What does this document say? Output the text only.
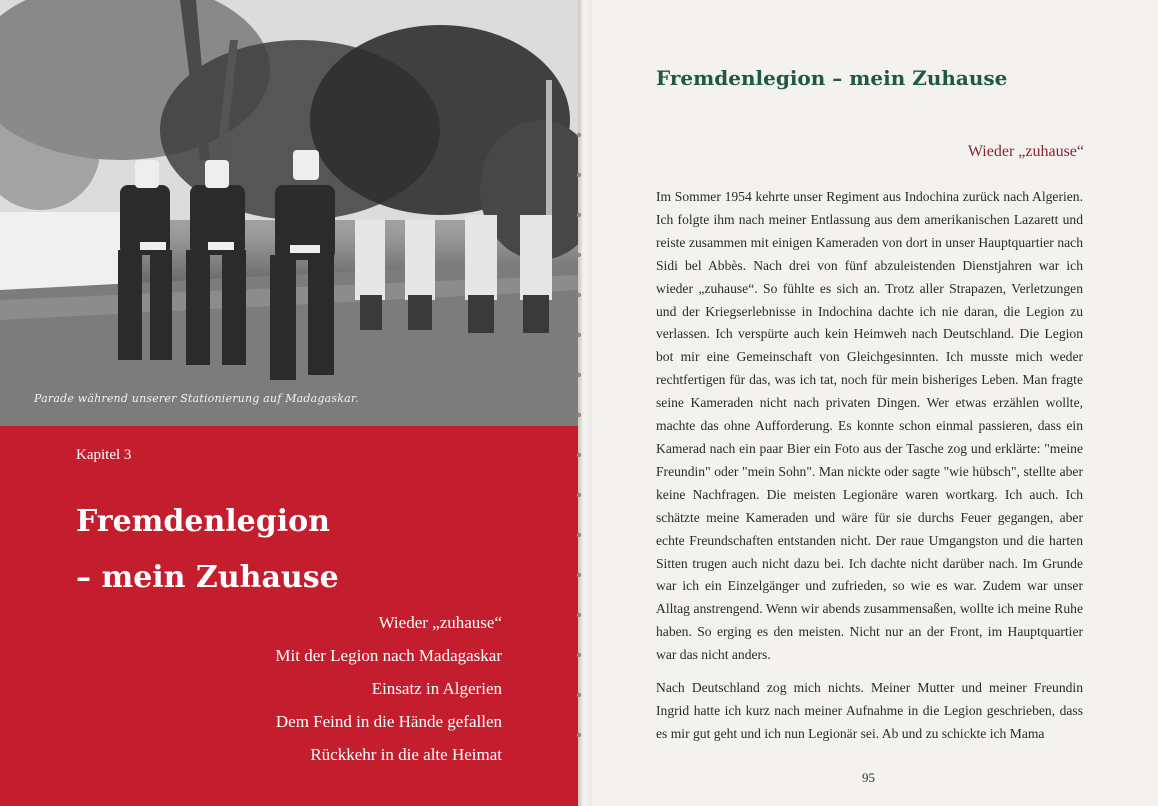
Parade während unserer Stationierung auf Madagaskar.
Kapitel 3
Fremdenlegion
– mein Zuhause
Wieder „zuhause“
Mit der Legion nach Madagaskar
Einsatz in Algerien
Dem Feind in die Hände gefallen
Rückkehr in die alte Heimat
Fremdenlegion – mein Zuhause
Wieder „zuhause“

Im Sommer 1954 kehrte unser Regiment aus Indochina zurück nach Algerien. Ich folgte ihm nach meiner Entlassung aus dem amerikanischen Lazarett und reiste zusammen mit einigen Kameraden von dort in unser Hauptquartier nach Sidi bel Abbès. Nach drei von fünf abzuleistenden Dienstjahren war ich wieder „zuhause“. So fühlte es sich an. Trotz aller Strapazen, Verletzungen und der Kriegserlebnisse in Indochina dachte ich nie daran, die Legion zu verlassen. Ich verspürte auch kein Heimweh nach Deutschland. Die Legion bot mir eine Gemeinschaft von Gleichgesinnten. Ich musste mich weder rechtfertigen für das, was ich tat, noch für mein bisheriges Leben. Man fragte seine Kameraden nicht nach privaten Dingen. Wer etwas erzählen wollte, machte das ohne Aufforderung. Es konnte schon einmal passieren, dass ein Kamerad nach ein paar Bier ein Foto aus der Tasche zog und erklärte: "meine Freundin" oder "mein Sohn". Man nickte oder sagte "wie hübsch", stellte aber keine Nachfragen. Die meisten Legionäre waren wortkarg. Ich auch. Ich schätzte meine Kameraden und wäre für sie durchs Feuer gegangen, aber echte Freundschaften entstanden nicht. Der raue Umgangston und die harten Sitten trugen auch nicht dazu bei. Ich dachte nicht darüber nach. Im Grunde war ich ein Einzelgänger und zufrieden, so wie es war. Zudem war unser Alltag anstrengend. Wenn wir abends zusammensaßen, wollte ich meine Ruhe haben. So erging es den meisten. Nicht nur an der Front, im Hauptquartier war das nicht anders.

Nach Deutschland zog mich nichts. Meiner Mutter und meiner Freundin Ingrid hatte ich kurz nach meiner Aufnahme in die Legion geschrieben, dass es mir gut geht und ich nun Legionär sei. Ab und zu schickte ich Mama

95
